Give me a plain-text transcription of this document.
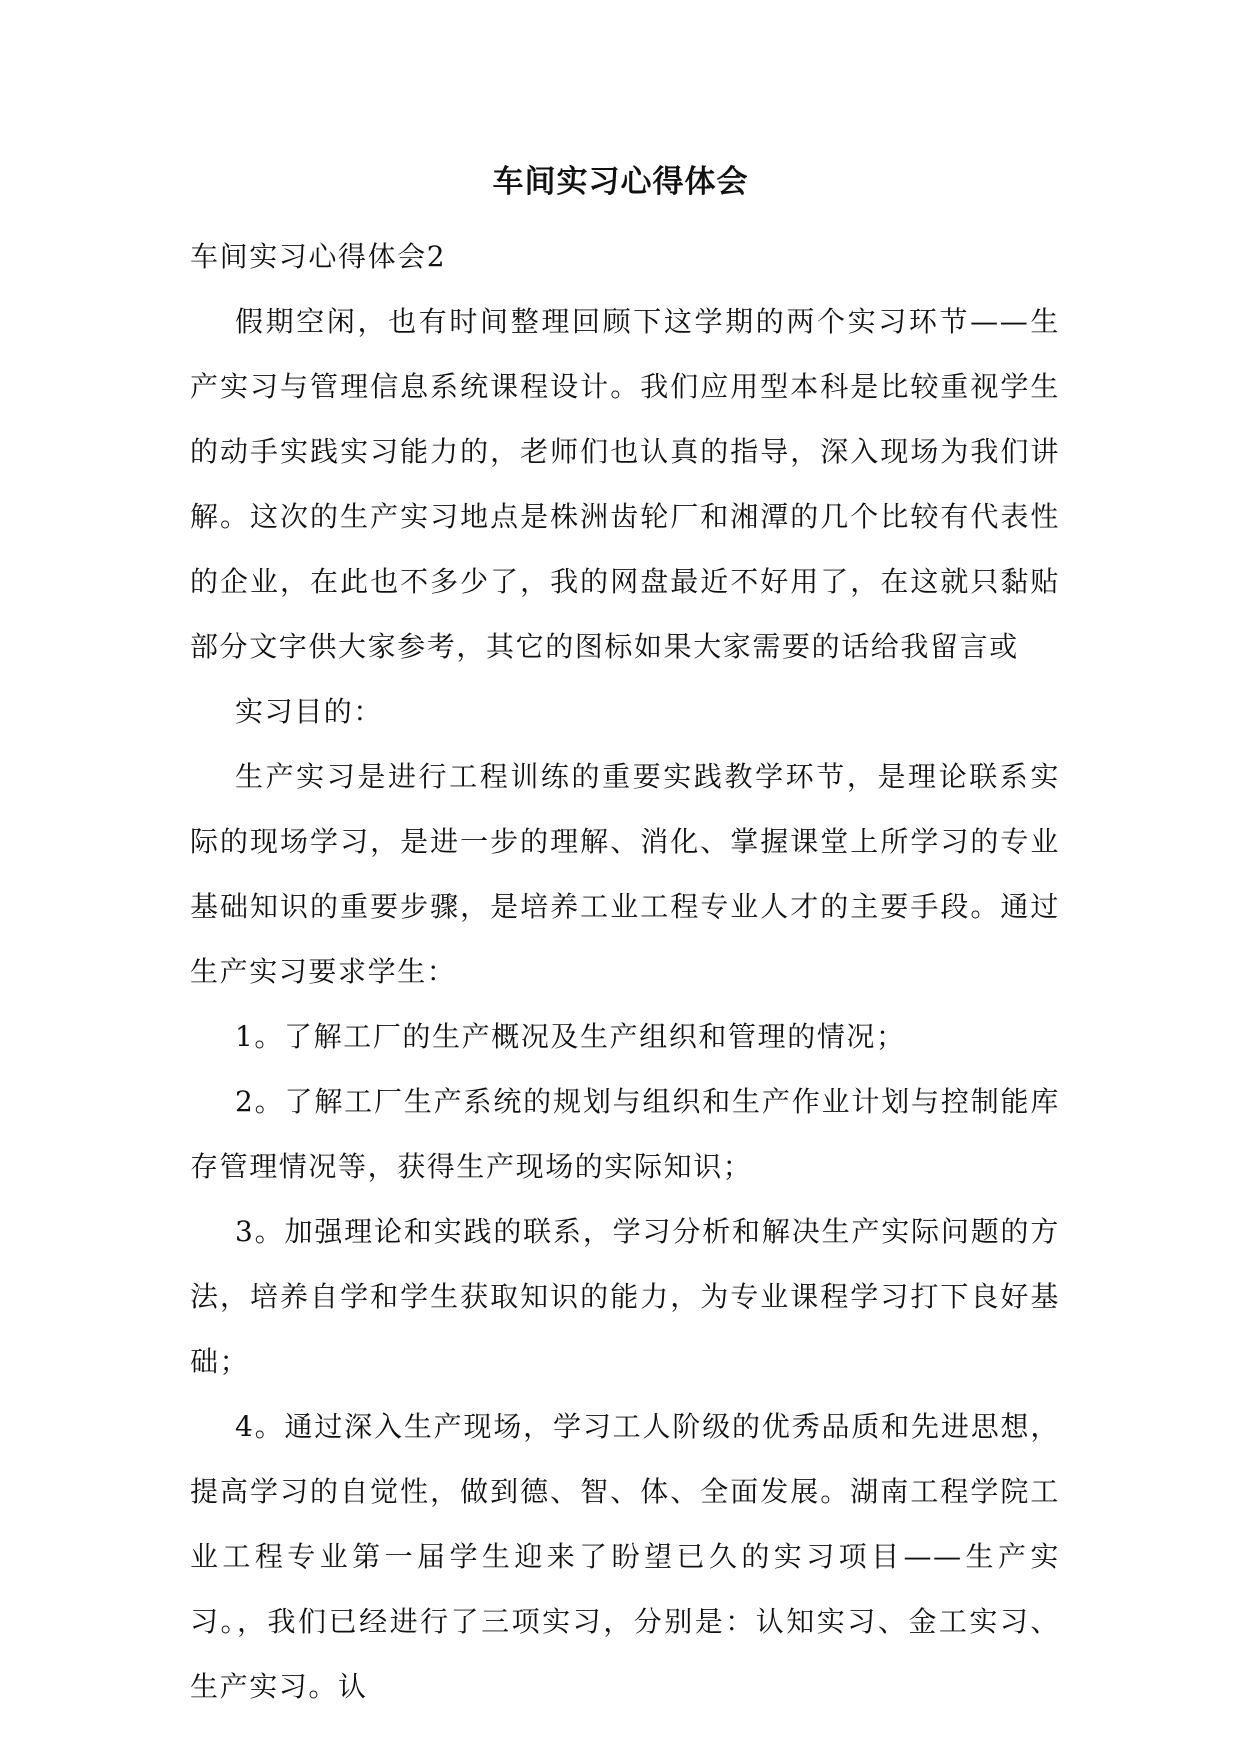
车间实习心得体会

车间实习心得体会2

假期空闲，也有时间整理回顾下这学期的两个实习环节——生产实习与管理信息系统课程设计。我们应用型本科是比较重视学生的动手实践实习能力的，老师们也认真的指导，深入现场为我们讲解。这次的生产实习地点是株洲齿轮厂和湘潭的几个比较有代表性的企业，在此也不多少了，我的网盘最近不好用了，在这就只黏贴部分文字供大家参考，其它的图标如果大家需要的话给我留言或

实习目的：

生产实习是进行工程训练的重要实践教学环节，是理论联系实际的现场学习，是进一步的理解、消化、掌握课堂上所学习的专业基础知识的重要步骤，是培养工业工程专业人才的主要手段。通过生产实习要求学生：

1。了解工厂的生产概况及生产组织和管理的情况；

2。了解工厂生产系统的规划与组织和生产作业计划与控制能库存管理情况等，获得生产现场的实际知识；

3。加强理论和实践的联系，学习分析和解决生产实际问题的方法，培养自学和学生获取知识的能力，为专业课程学习打下良好基础；

4。通过深入生产现场，学习工人阶级的优秀品质和先进思想，提高学习的自觉性，做到德、智、体、全面发展。湖南工程学院工业工程专业第一届学生迎来了盼望已久的实习项目——生产实习。，我们已经进行了三项实习，分别是：认知实习、金工实习、生产实习。认
